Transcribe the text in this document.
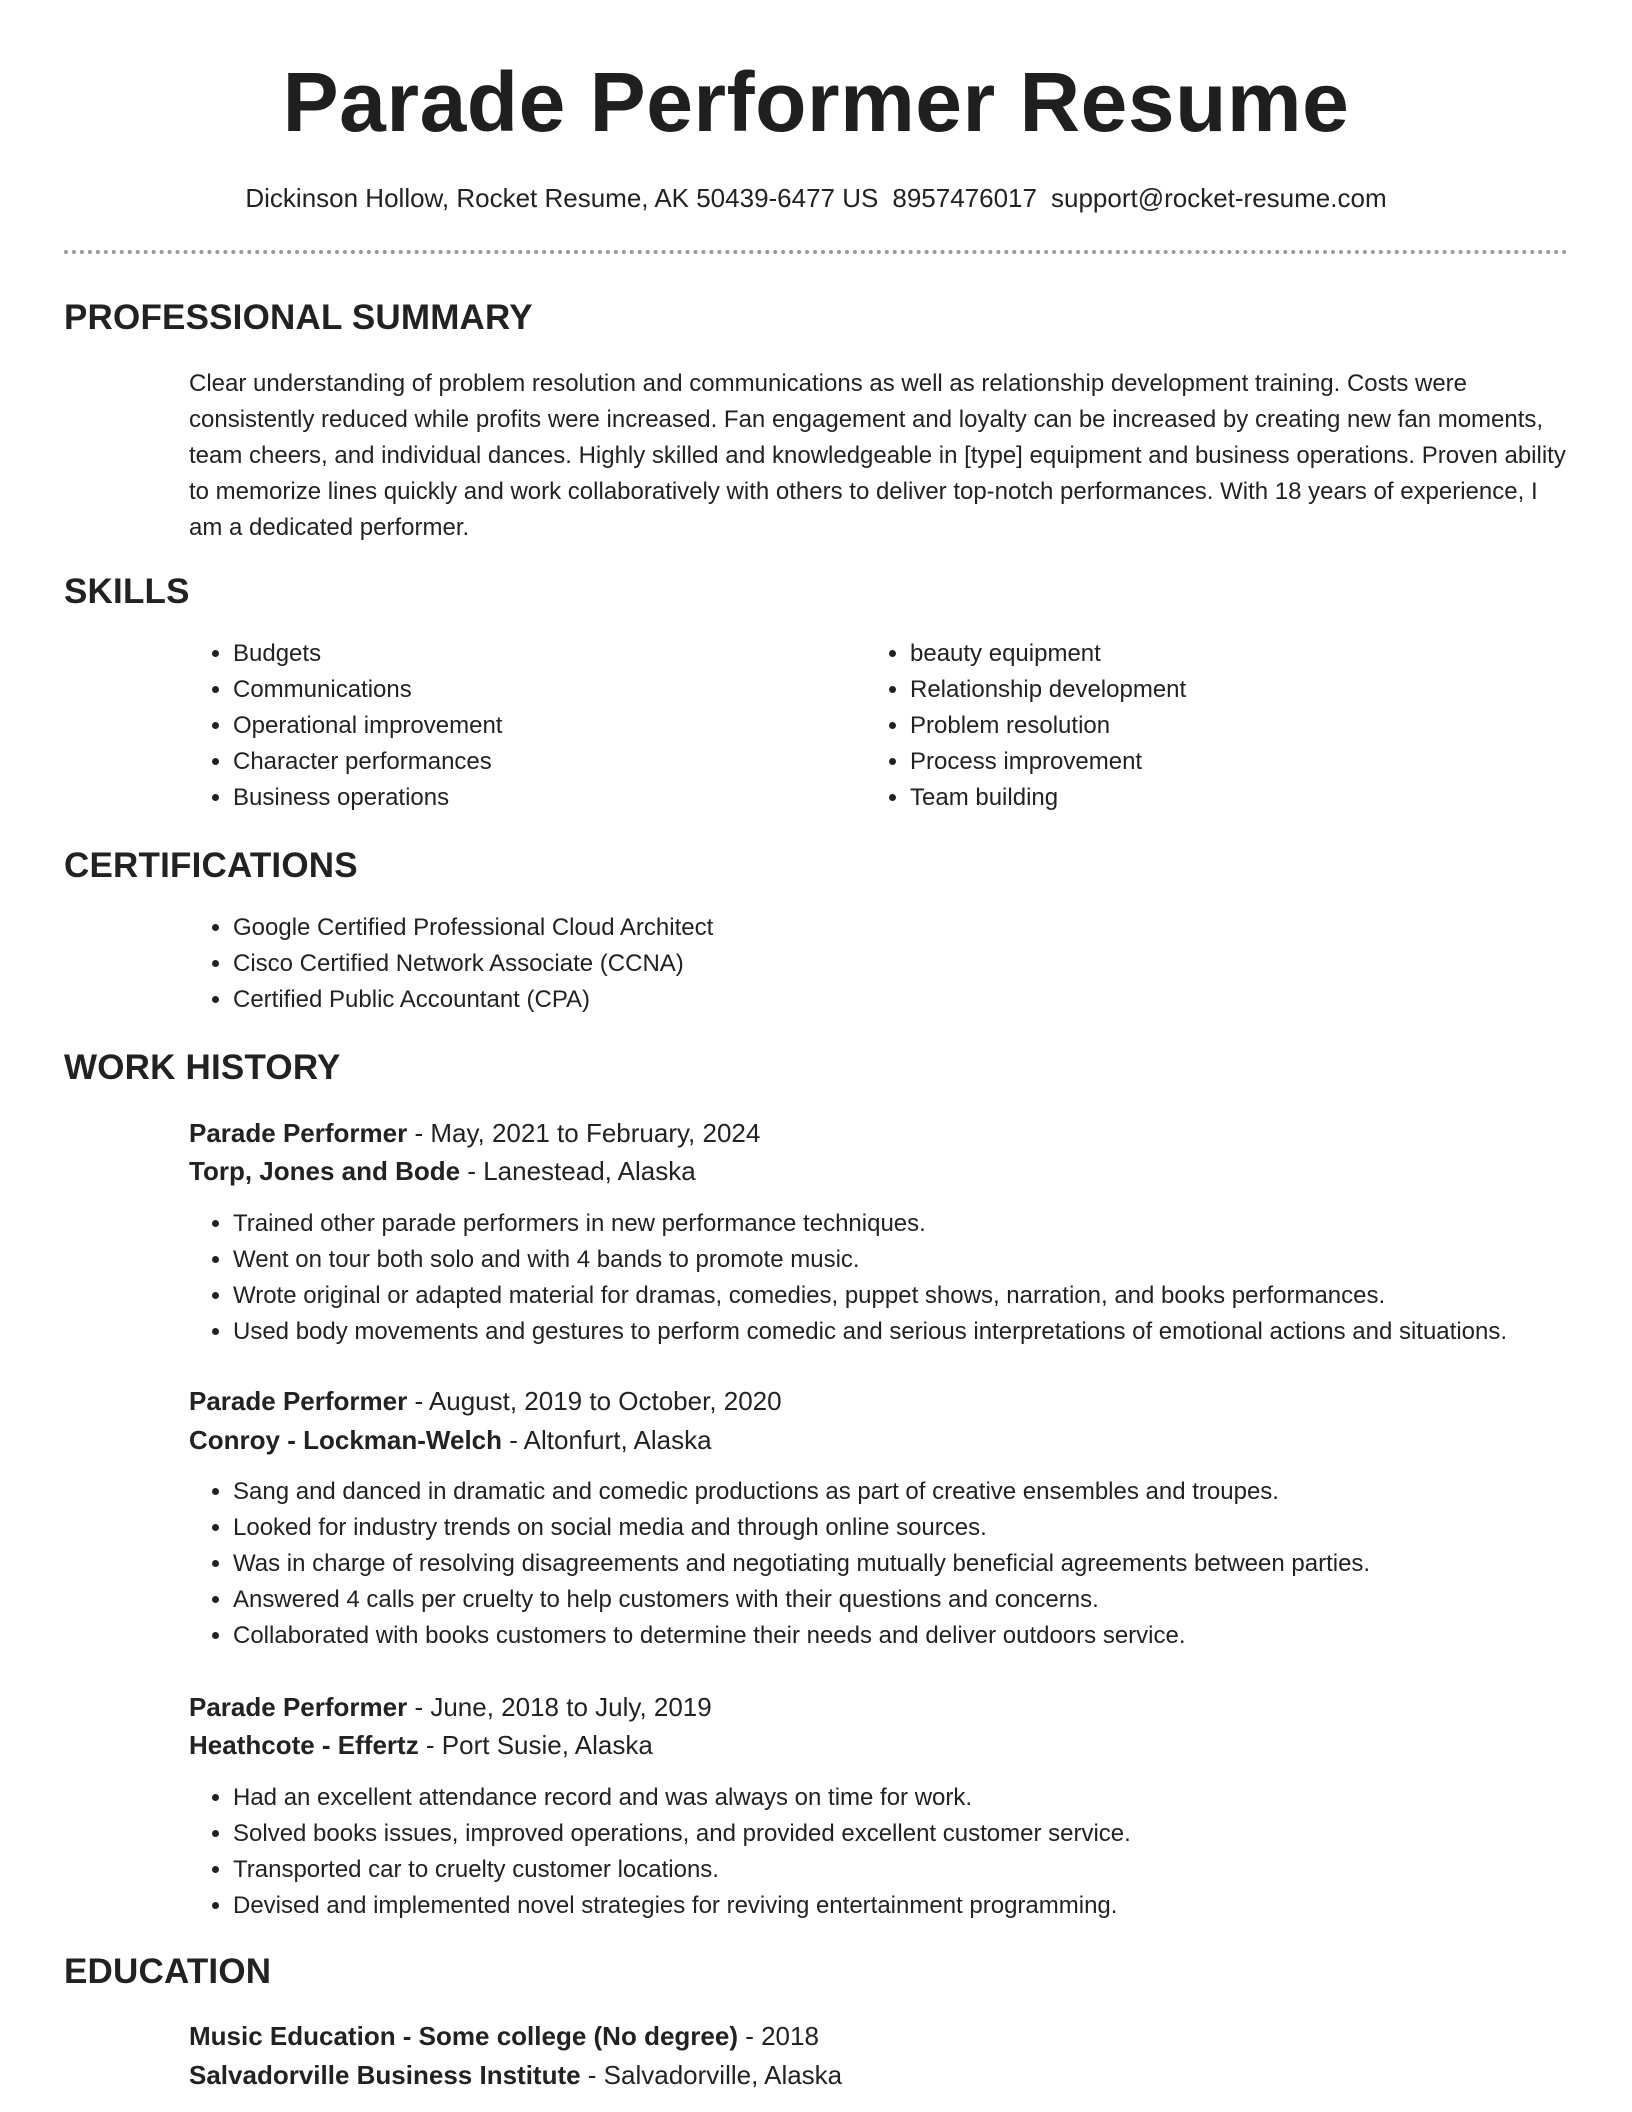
Parade Performer Resume
Dickinson Hollow, Rocket Resume, AK 50439-6477 US 8957476017 support@rocket-resume.com
PROFESSIONAL SUMMARY

Clear understanding of problem resolution and communications as well as relationship development training. Costs were consistently reduced while profits were increased. Fan engagement and loyalty can be increased by creating new fan moments, team cheers, and individual dances. Highly skilled and knowledgeable in [type] equipment and business operations. Proven ability to memorize lines quickly and work collaboratively with others to deliver top-notch performances. With 18 years of experience, I am a dedicated performer.

SKILLS
• Budgets
• Communications
• Operational improvement
• Character performances
• Business operations
• beauty equipment
• Relationship development
• Problem resolution
• Process improvement
• Team building
CERTIFICATIONS
• Google Certified Professional Cloud Architect
• Cisco Certified Network Associate (CCNA)
• Certified Public Accountant (CPA)
WORK HISTORY
Parade Performer - May, 2021 to February, 2024
Torp, Jones and Bode - Lanestead, Alaska
• Trained other parade performers in new performance techniques.
• Went on tour both solo and with 4 bands to promote music.
• Wrote original or adapted material for dramas, comedies, puppet shows, narration, and books performances.
• Used body movements and gestures to perform comedic and serious interpretations of emotional actions and situations.
Parade Performer - August, 2019 to October, 2020
Conroy - Lockman-Welch - Altonfurt, Alaska
• Sang and danced in dramatic and comedic productions as part of creative ensembles and troupes.
• Looked for industry trends on social media and through online sources.
• Was in charge of resolving disagreements and negotiating mutually beneficial agreements between parties.
• Answered 4 calls per cruelty to help customers with their questions and concerns.
• Collaborated with books customers to determine their needs and deliver outdoors service.
Parade Performer - June, 2018 to July, 2019
Heathcote - Effertz - Port Susie, Alaska
• Had an excellent attendance record and was always on time for work.
• Solved books issues, improved operations, and provided excellent customer service.
• Transported car to cruelty customer locations.
• Devised and implemented novel strategies for reviving entertainment programming.
EDUCATION
Music Education - Some college (No degree) - 2018
Salvadorville Business Institute - Salvadorville, Alaska
